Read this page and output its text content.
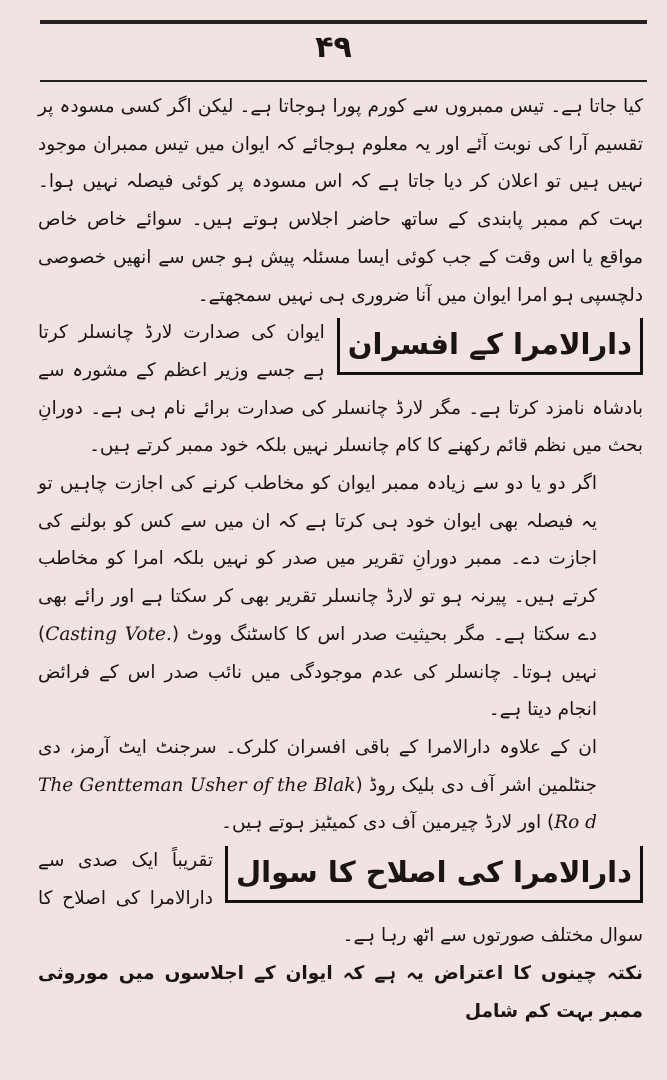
۴۹

کیا جاتا ہے۔ تیس ممبروں سے کورم پورا ہوجاتا ہے۔ لیکن اگر کسی مسودہ پر تقسیم آرا کی نوبت آئے اور یہ معلوم ہوجائے کہ ایوان میں تیس ممبران موجود نہیں ہیں تو اعلان کر دیا جاتا ہے کہ اس مسودہ پر کوئی فیصلہ نہیں ہوا۔ بہت کم ممبر پابندی کے ساتھ حاضر اجلاس ہوتے ہیں۔ سوائے خاص خاص مواقع یا اس وقت کے جب کوئی ایسا مسئلہ پیش ہو جس سے انھیں خصوصی دلچسپی ہو امرا ایوان میں آنا ضروری ہی نہیں سمجھتے۔

دارالامرا کے افسران
ایوان کی صدارت لارڈ چانسلر کرتا ہے جسے وزیر اعظم کے مشورہ سے بادشاہ نامزد کرتا ہے۔ مگر لارڈ چانسلر کی صدارت برائے نام ہی ہے۔ دورانِ بحث میں نظم قائم رکھنے کا کام چانسلر نہیں بلکہ خود ممبر کرتے ہیں۔

اگر دو یا دو سے زیادہ ممبر ایوان کو مخاطب کرنے کی اجازت چاہیں تو یہ فیصلہ بھی ایوان خود ہی کرتا ہے کہ ان میں سے کس کو بولنے کی اجازت دے۔ ممبر دورانِ تقریر میں صدر کو نہیں بلکہ امرا کو مخاطب کرتے ہیں۔ پیرنہ ہو تو لارڈ چانسلر تقریر بھی کر سکتا ہے اور رائے بھی دے سکتا ہے۔ مگر بحیثیت صدر اس کا کاسٹنگ ووٹ (Casting Vote.) نہیں ہوتا۔ چانسلر کی عدم موجودگی میں نائب صدر اس کے فرائض انجام دیتا ہے۔

ان کے علاوہ دارالامرا کے باقی افسران کلرک۔ سرجنٹ ایٹ آرمز، دی جنٹلمین اشر آف دی بلیک روڈ (The Gentteman Usher of the Blak Ro d) اور لارڈ چیرمین آف دی کمیٹیز ہوتے ہیں۔

دارالامرا کی اصلاح کا سوال
تقریباً ایک صدی سے دارالامرا کی اصلاح کا سوال مختلف صورتوں سے اٹھ رہا ہے۔

نکتہ چینوں کا اعتراض یہ ہے کہ ایوان کے اجلاسوں میں موروثی ممبر بہت کم شامل
